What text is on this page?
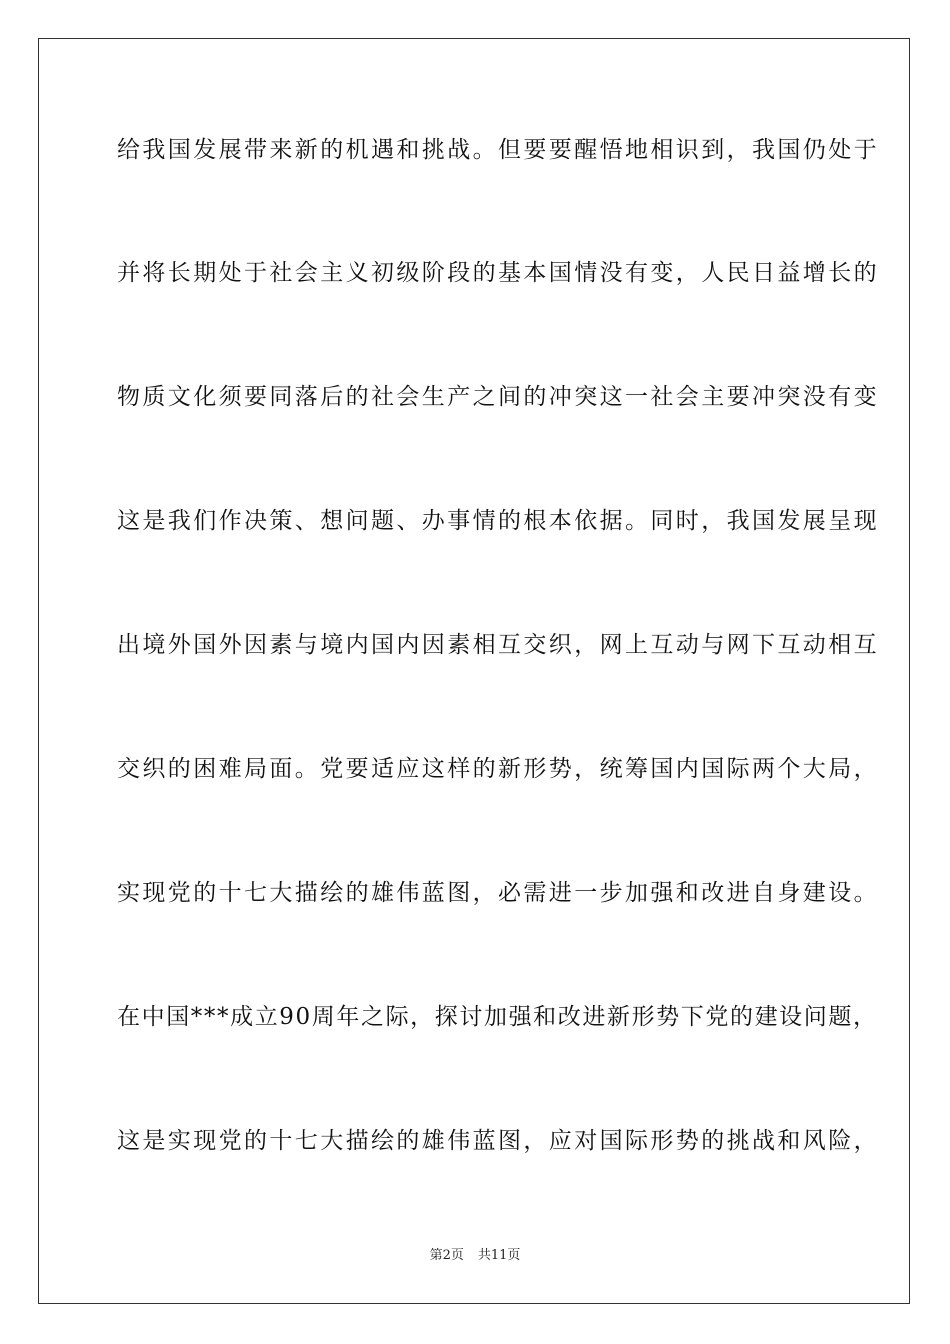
给我国发展带来新的机遇和挑战。但要要醒悟地相识到，我国仍处于
并将长期处于社会主义初级阶段的基本国情没有变，人民日益增长的
物质文化须要同落后的社会生产之间的冲突这一社会主要冲突没有变
这是我们作决策、想问题、办事情的根本依据。同时，我国发展呈现
出境外国外因素与境内国内因素相互交织，网上互动与网下互动相互
交织的困难局面。党要适应这样的新形势，统筹国内国际两个大局，
实现党的十七大描绘的雄伟蓝图，必需进一步加强和改进自身建设。
在中国***成立90周年之际，探讨加强和改进新形势下党的建设问题，
这是实现党的十七大描绘的雄伟蓝图，应对国际形势的挑战和风险，
第2页 共11页
